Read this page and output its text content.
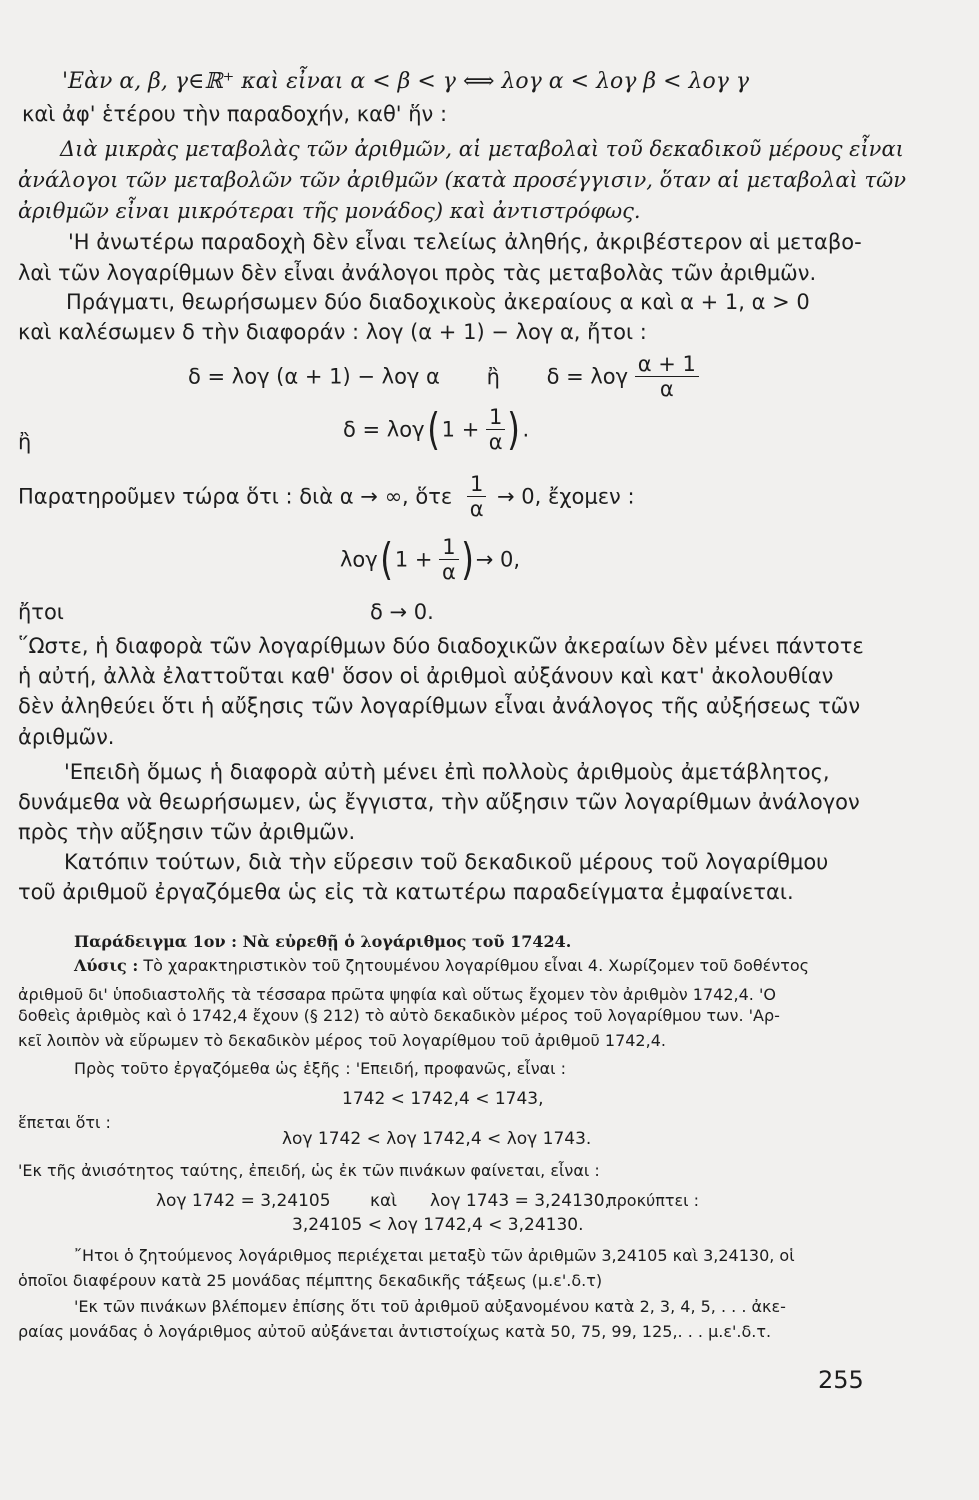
'Εὰν α, β, γ∈ℝ⁺ καὶ εἶναι α < β < γ ⟺ λογ α < λογ β < λογ γ
καὶ ἀφ' ἑτέρου τὴν παραδοχήν, καθ' ἥν :
Διὰ μικρὰς μεταβολὰς τῶν ἀριθμῶν, αἱ μεταβολαὶ τοῦ δεκαδικοῦ μέρους εἶναι
ἀνάλογοι τῶν μεταβολῶν τῶν ἀριθμῶν (κατὰ προσέγγισιν, ὅταν αἱ μεταβολαὶ τῶν
ἀριθμῶν εἶναι μικρότεραι τῆς μονάδος) καὶ ἀντιστρόφως.
'Η ἀνωτέρω παραδοχὴ δὲν εἶναι τελείως ἀληθής, ἀκριβέστερον αἱ μεταβο-
λαὶ τῶν λογαρίθμων δὲν εἶναι ἀνάλογοι πρὸς τὰς μεταβολὰς τῶν ἀριθμῶν.
Πράγματι, θεωρήσωμεν δύο διαδοχικοὺς ἀκεραίους α καὶ α + 1, α > 0
καὶ καλέσωμεν δ τὴν διαφοράν : λογ (α + 1) − λογ α, ἤτοι :
δ = λογ (α + 1) − λογ α ἢ δ = λογ $\frac{\alpha + 1}{\alpha}$
ἢ
δ = λογ( $1 + \frac{1}{\alpha}$ ) .
Παρατηροῦμεν τώρα ὅτι : διὰ α → ∞, ὅτε $\frac{1}{\alpha} \to 0$, ἔχομεν :
λογ( $1 + \frac{1}{\alpha}$ ) → 0,
ἤτοι	δ → 0.
῞Ωστε, ἡ διαφορὰ τῶν λογαρίθμων δύο διαδοχικῶν ἀκεραίων δὲν μένει πάντοτε
ἡ αὐτή, ἀλλὰ ἐλαττοῦται καθ' ὅσον οἱ ἀριθμοὶ αὐξάνουν καὶ κατ' ἀκολουθίαν
δὲν ἀληθεύει ὅτι ἡ αὔξησις τῶν λογαρίθμων εἶναι ἀνάλογος τῆς αὐξήσεως τῶν
ἀριθμῶν.
'Επειδὴ ὅμως ἡ διαφορὰ αὐτὴ μένει ἐπὶ πολλοὺς ἀριθμοὺς ἀμετάβλητος,
δυνάμεθα νὰ θεωρήσωμεν, ὡς ἔγγιστα, τὴν αὔξησιν τῶν λογαρίθμων ἀνάλογον
πρὸς τὴν αὔξησιν τῶν ἀριθμῶν.
Κατόπιν τούτων, διὰ τὴν εὕρεσιν τοῦ δεκαδικοῦ μέρους τοῦ λογαρίθμου
τοῦ ἀριθμοῦ ἐργαζόμεθα ὡς εἰς τὰ κατωτέρω παραδείγματα ἐμφαίνεται.
Παράδειγμα 1ον : Νὰ εὑρεθῇ ὁ λογάριθμος τοῦ 17424.
Λύσις : Τὸ χαρακτηριστικὸν τοῦ ζητουμένου λογαρίθμου εἶναι 4. Χωρίζομεν τοῦ δοθέντος
ἀριθμοῦ δι' ὑποδιαστολῆς τὰ τέσσαρα πρῶτα ψηφία καὶ οὕτως ἔχομεν τὸν ἀριθμὸν 1742,4. 'Ο
δοθεὶς ἀριθμὸς καὶ ὁ 1742,4 ἔχουν (§ 212) τὸ αὐτὸ δεκαδικὸν μέρος τοῦ λογαρίθμου των. 'Αρ-
κεῖ λοιπὸν νὰ εὕρωμεν τὸ δεκαδικὸν μέρος τοῦ λογαρίθμου τοῦ ἀριθμοῦ 1742,4.
Πρὸς τοῦτο ἐργαζόμεθα ὡς ἑξῆς : 'Επειδή, προφανῶς, εἶναι :
1742 < 1742,4 < 1743,
ἕπεται ὅτι :
λογ 1742 < λογ 1742,4 < λογ 1743.
'Εκ τῆς ἀνισότητος ταύτης, ἐπειδή, ὡς ἐκ τῶν πινάκων φαίνεται, εἶναι :
λογ 1742 = 3,24105 καὶ λογ 1743 = 3,24130,
προκύπτει :
3,24105 < λογ 1742,4 < 3,24130.
῎Ητοι ὁ ζητούμενος λογάριθμος περιέχεται μεταξὺ τῶν ἀριθμῶν 3,24105 καὶ 3,24130, οἱ
ὁποῖοι διαφέρουν κατὰ 25 μονάδας πέμπτης δεκαδικῆς τάξεως (μ.ε'.δ.τ)
'Εκ τῶν πινάκων βλέπομεν ἐπίσης ὅτι τοῦ ἀριθμοῦ αὐξανομένου κατὰ 2, 3, 4, 5, . . . ἀκε-
ραίας μονάδας ὁ λογάριθμος αὐτοῦ αὐξάνεται ἀντιστοίχως κατὰ 50, 75, 99, 125,. . . μ.ε'.δ.τ.
255
